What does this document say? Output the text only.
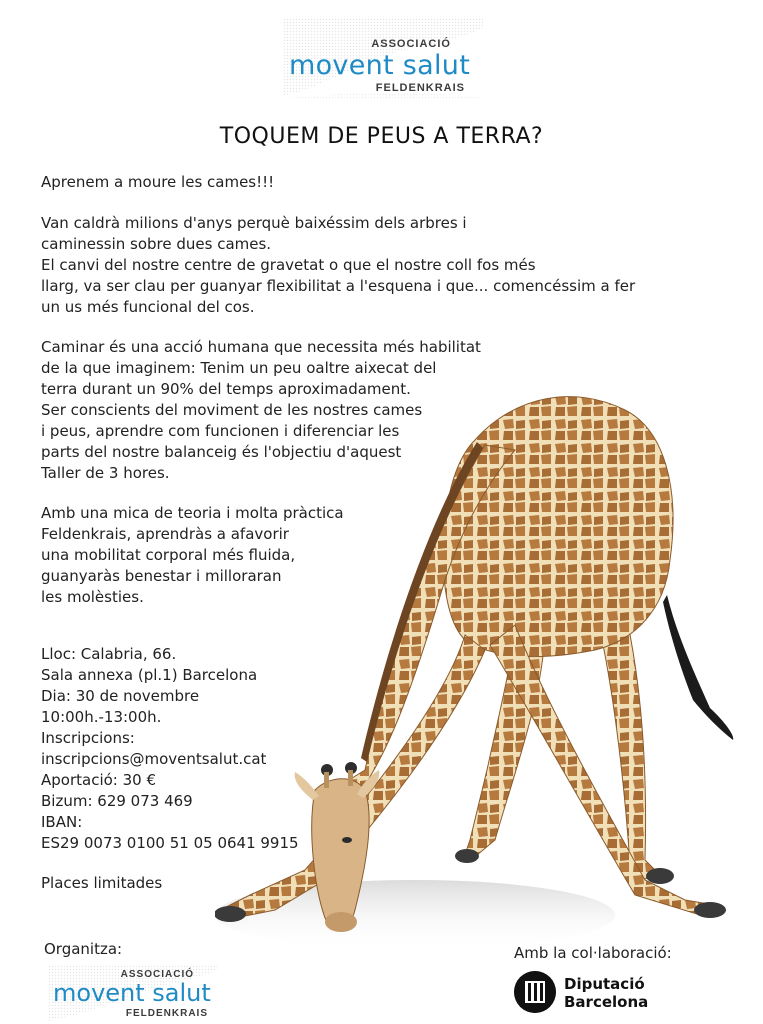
ASSOCIACIÓ
movent salut
FELDENKRAIS
TOQUEM DE PEUS A TERRA?

Aprenem a moure les cames!!!

Van caldrà milions d'anys perquè baixéssim dels arbres i
caminessin sobre dues cames.
El canvi del nostre centre de gravetat o que el nostre coll fos més
llarg, va ser clau per guanyar flexibilitat a l'esquena i que... comencéssim a fer
un us més funcional del cos.
Caminar és una acció humana que necessita més habilitat
de la que imaginem: Tenim un peu oaltre aixecat del
terra durant un 90% del temps aproximadament.
Ser conscients del moviment de les nostres cames
i peus, aprendre com funcionen i diferenciar les
parts del nostre balanceig és l'objectiu d'aquest
Taller de 3 hores.
Amb una mica de teoria i molta pràctica
Feldenkrais, aprendràs a afavorir
una mobilitat corporal més fluida,
guanyaràs benestar i milloraran
les molèsties.
Lloc: Calabria, 66.
Sala annexa (pl.1) Barcelona
Dia: 30 de novembre
10:00h.-13:00h.
Inscripcions:
inscripcions@moventsalut.cat
Aportació: 30 €
Bizum: 629 073 469
IBAN:
ES29 0073 0100 51 05 0641 9915

Places limitades

Organitza:
ASSOCIACIÓ
movent salut
FELDENKRAIS
Amb la col·laboració:
Diputació
Barcelona
